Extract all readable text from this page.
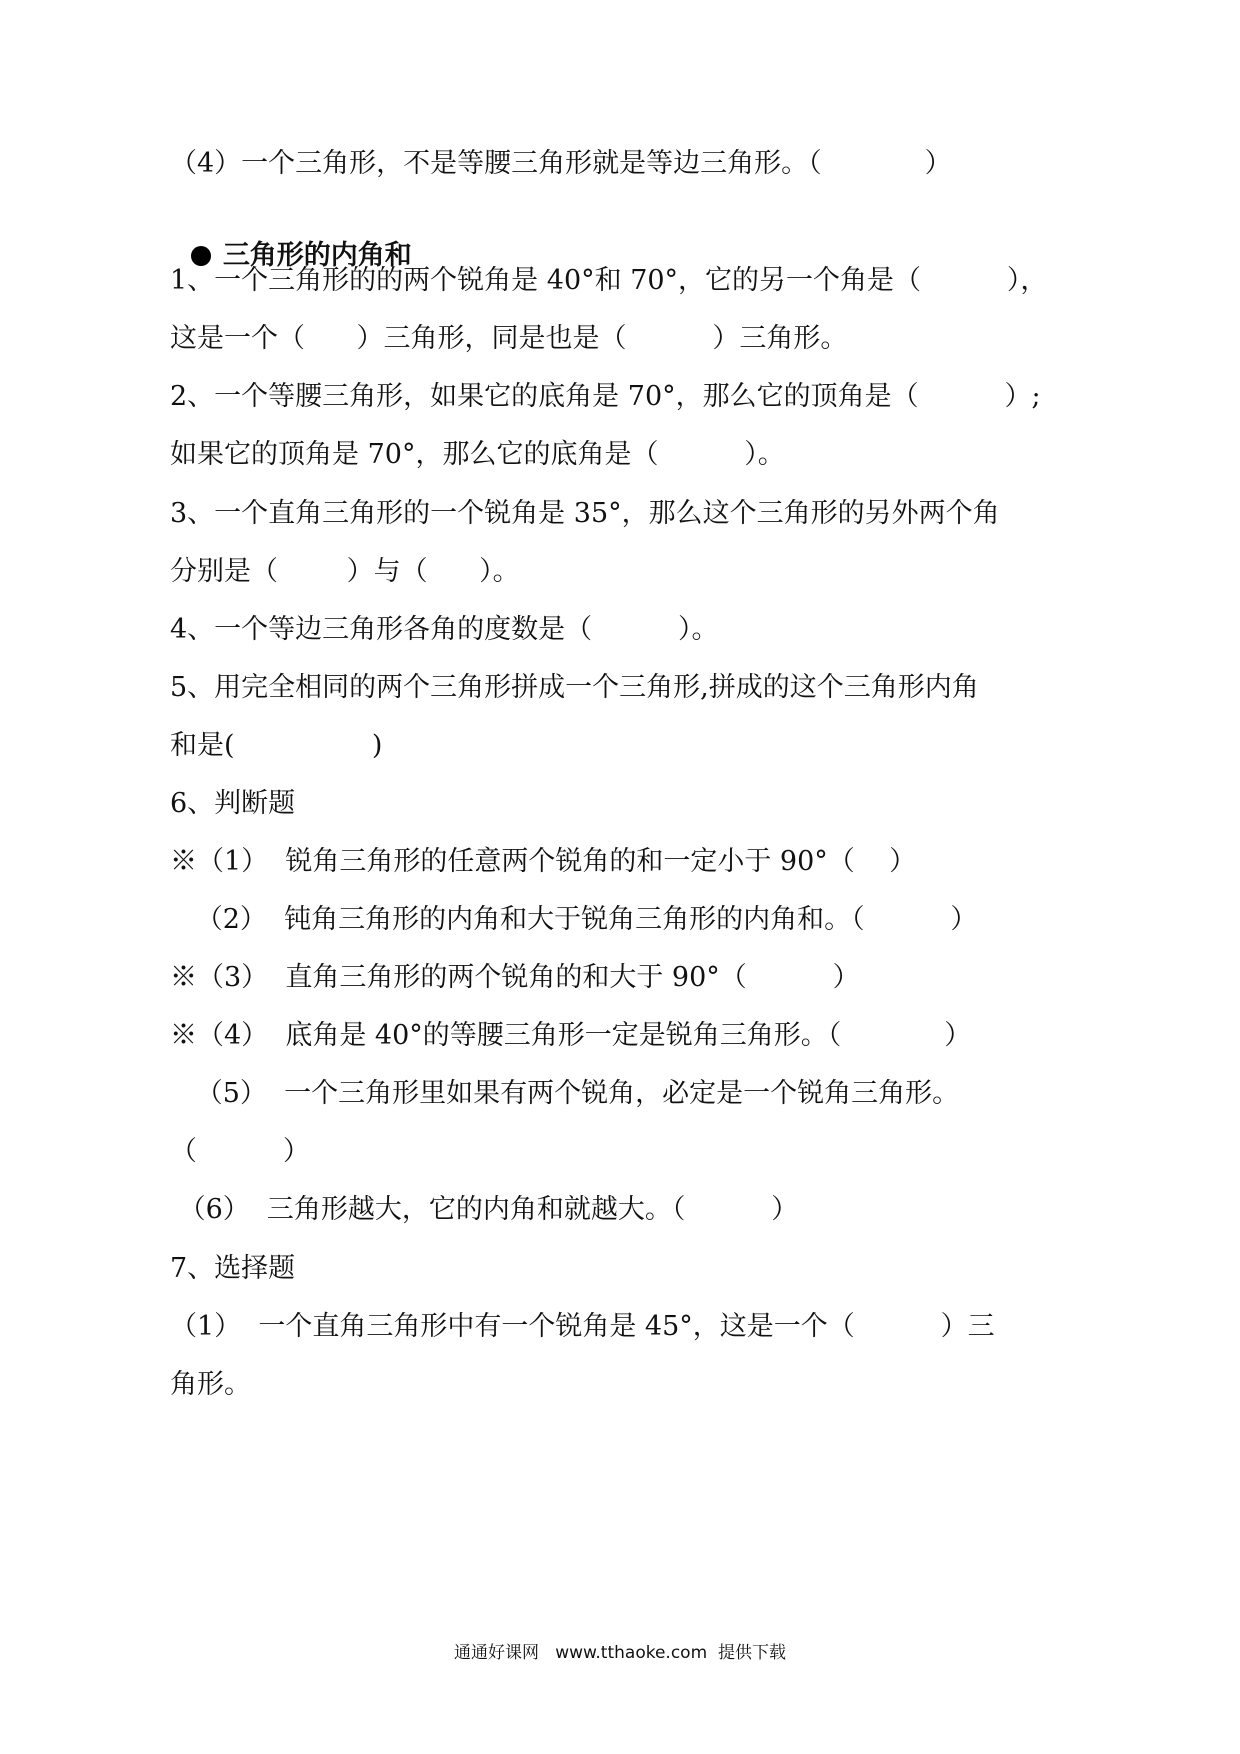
（4）一个三角形，不是等腰三角形就是等边三角形。（            ）

三角形的内角和

1、一个三角形的的两个锐角是 40°和 70°，它的另一个角是（          ），
这是一个（      ）三角形，同是也是（          ）三角形。
2、一个等腰三角形，如果它的底角是 70°，那么它的顶角是（          ）;
如果它的顶角是 70°，那么它的底角是（          ）。
3、一个直角三角形的一个锐角是 35°，那么这个三角形的另外两个角
分别是（        ）与（      ）。
4、一个等边三角形各角的度数是（          ）。
5、用完全相同的两个三角形拼成一个三角形,拼成的这个三角形内角
和是(                )
6、判断题
※（1）  锐角三角形的任意两个锐角的和一定小于 90°（    ）
（2）  钝角三角形的内角和大于锐角三角形的内角和。（          ）
※（3）  直角三角形的两个锐角的和大于 90°（          ）
※（4）  底角是 40°的等腰三角形一定是锐角三角形。（            ）
（5）  一个三角形里如果有两个锐角，必定是一个锐角三角形。
（          ）
（6）  三角形越大，它的内角和就越大。（          ）
7、选择题
（1）  一个直角三角形中有一个锐角是 45°，这是一个（          ）三
角形。
通通好课网   www.tthaoke.com  提供下载
